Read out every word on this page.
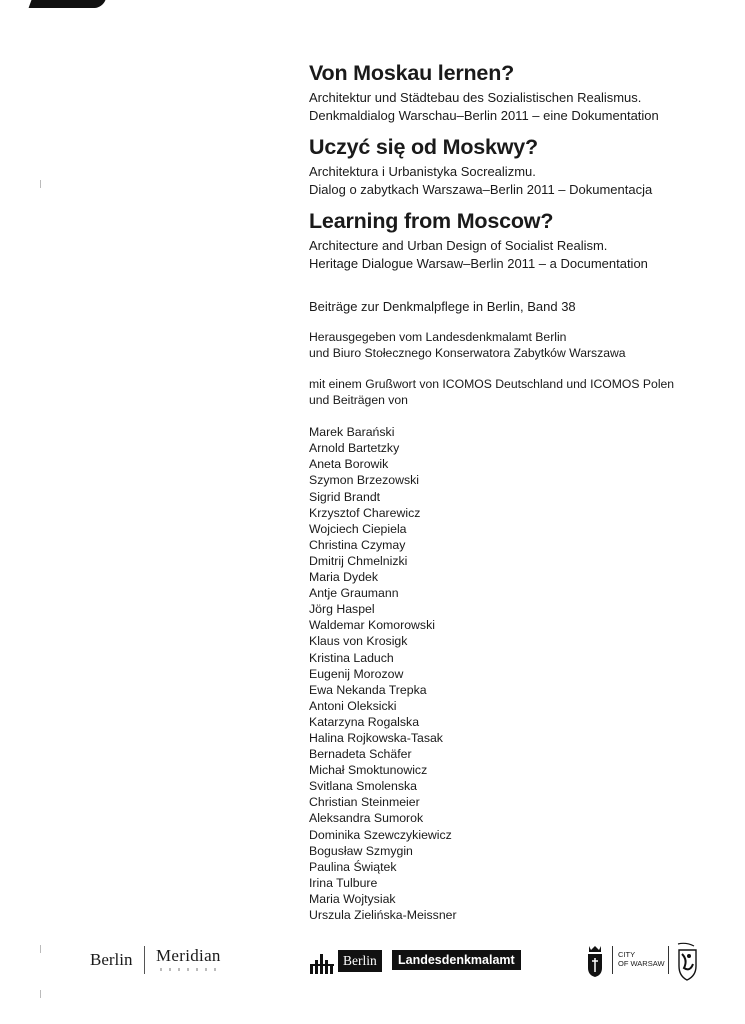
Von Moskau lernen?
Architektur und Städtebau des Sozialistischen Realismus.
Denkmaldialog Warschau–Berlin 2011 – eine Dokumentation
Uczyć się od Moskwy?
Architektura i Urbanistyka Socrealizmu.
Dialog o zabytkach Warszawa–Berlin 2011 – Dokumentacja
Learning from Moscow?
Architecture and Urban Design of Socialist Realism.
Heritage Dialogue Warsaw–Berlin 2011 – a Documentation
Beiträge zur Denkmalpflege in Berlin, Band 38
Herausgegeben vom Landesdenkmalamt Berlin
und Biuro Stołecznego Konserwatora Zabytków Warszawa
mit einem Grußwort von ICOMOS Deutschland und ICOMOS Polen
und Beiträgen von
Marek Barański
Arnold Bartetzky
Aneta Borowik
Szymon Brzezowski
Sigrid Brandt
Krzysztof Charewicz
Wojciech Ciepiela
Christina Czymay
Dmitrij Chmelnizki
Maria Dydek
Antje Graumann
Jörg Haspel
Waldemar Komorowski
Klaus von Krosigk
Kristina Laduch
Eugenij Morozow
Ewa Nekanda Trepka
Antoni Oleksicki
Katarzyna Rogalska
Halina Rojkowska-Tasak
Bernadeta Schäfer
Michał Smoktunowicz
Svitlana Smolenska
Christian Steinmeier
Aleksandra Sumorok
Dominika Szewczykiewicz
Bogusław Szmygin
Paulina Świątek
Irina Tulbure
Maria Wojtysiak
Urszula Zielińska-Meissner
Berlin Meridian	Berlin	Landesdenkmalamt	CITY
OF WARSAW
